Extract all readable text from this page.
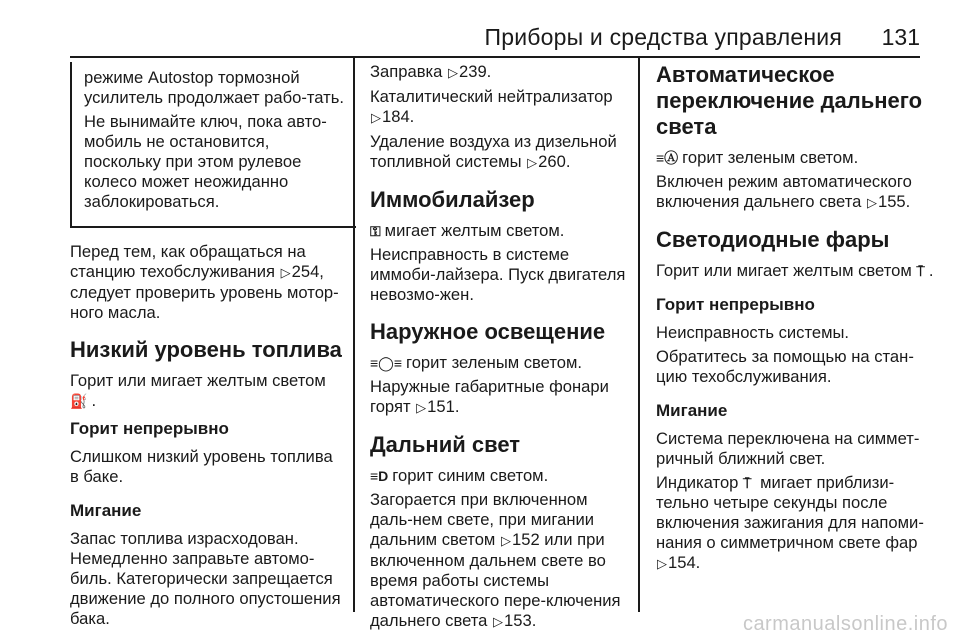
Приборы и средства управления 131

режиме Autostop тормозной усилитель продолжает рабо-тать.

Не вынимайте ключ, пока авто-мобиль не остановится, поскольку при этом рулевое колесо может неожиданно заблокироваться.

Перед тем, как обращаться на станцию техобслуживания ▷254, следует проверить уровень мотор-ного масла.

Низкий уровень топлива

Горит или мигает желтым светом ⛽ .

Горит непрерывно

Слишком низкий уровень топлива в баке.

Мигание

Запас топлива израсходован. Немедленно заправьте автомо-биль. Категорически запрещается движение до полного опустошения бака.

Заправка ▷239.

Каталитический нейтрализатор ▷184.

Удаление воздуха из дизельной топливной системы ▷260.

Иммобилайзер

⚿ мигает желтым светом.

Неисправность в системе иммоби-лайзера. Пуск двигателя невозмо-жен.

Наружное освещение

≡◯≡ горит зеленым светом.

Наружные габаритные фонари горят ▷151.

Дальний свет

≡D горит синим светом.

Загорается при включенном даль-нем свете, при мигании дальним светом ▷152 или при включенном дальнем свете во время работы системы автоматического пере-ключения дальнего света ▷153.

Автоматическое переключение дальнего света

≡Ⓐ горит зеленым светом.

Включен режим автоматического включения дальнего света ▷155.

Светодиодные фары

Горит или мигает желтым светом ⍑ .

Горит непрерывно

Неисправность системы.

Обратитесь за помощью на стан-цию техобслуживания.

Мигание

Система переключена на симмет-ричный ближний свет.

Индикатор ⍑ мигает приблизи-тельно четыре секунды после включения зажигания для напоми-нания о симметричном свете фар ▷154.

carmanualsonline.info
